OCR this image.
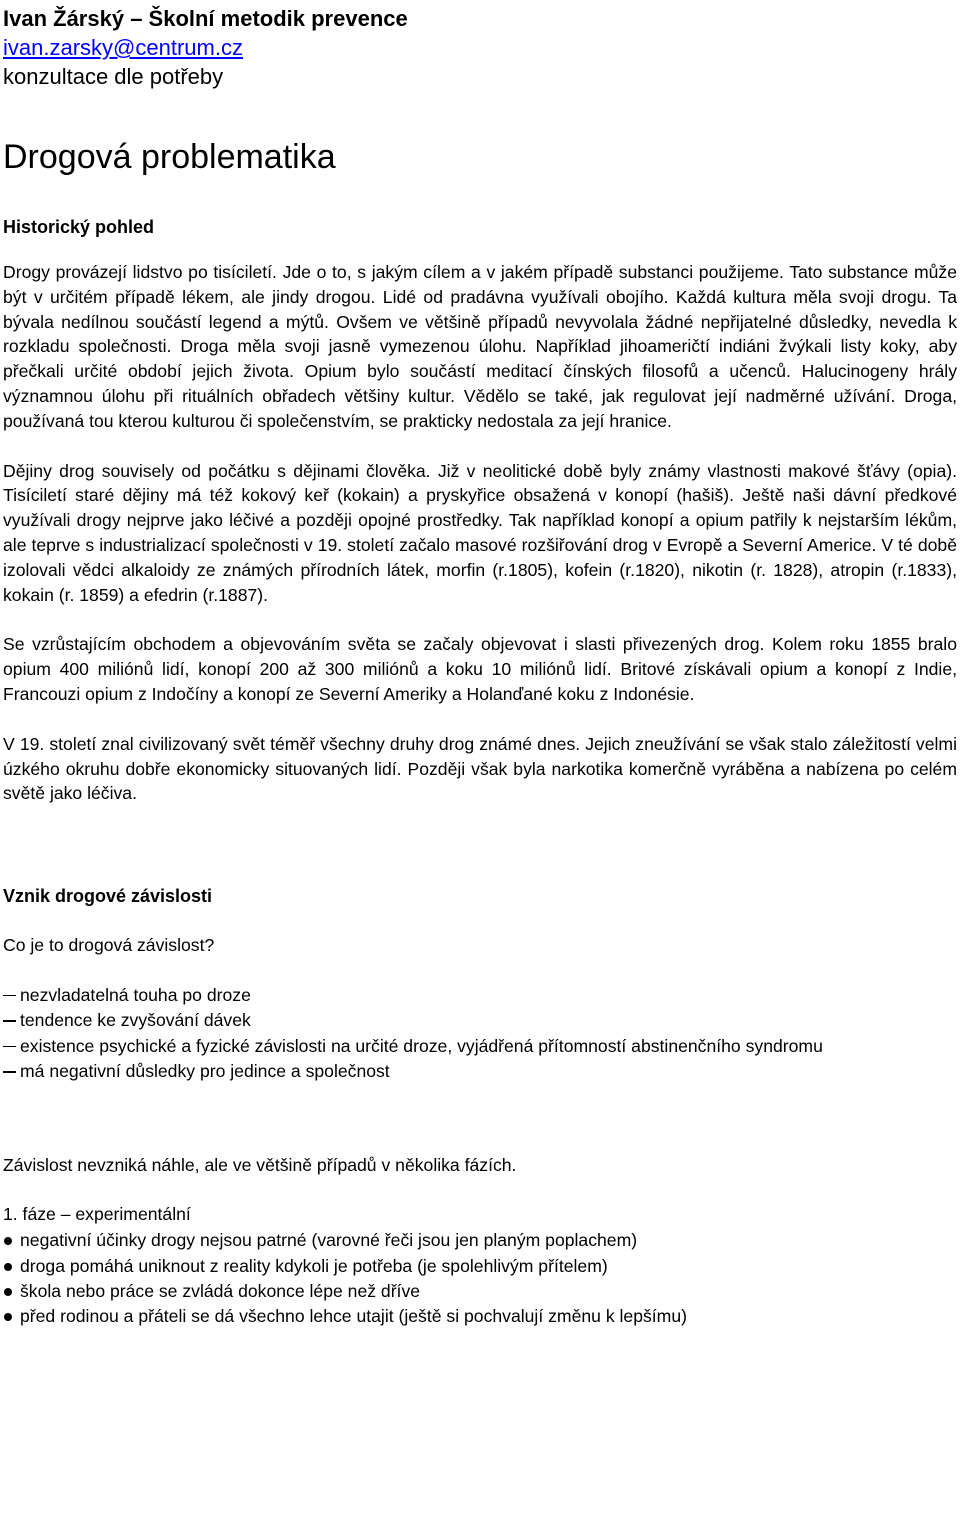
Ivan Žárský – Školní metodik prevence
ivan.zarsky@centrum.cz
konzultace dle potřeby
Drogová problematika
Historický pohled

Drogy provázejí lidstvo po tisíciletí. Jde o to, s jakým cílem a v jakém případě substanci použijeme. Tato substance může být v určitém případě lékem, ale jindy drogou. Lidé od pradávna využívali obojího. Každá kultura měla svoji drogu. Ta bývala nedílnou součástí legend a mýtů. Ovšem ve většině případů nevyvolala žádné nepřijatelné důsledky, nevedla k rozkladu společnosti. Droga měla svoji jasně vymezenou úlohu. Například jihoameričtí indiáni žvýkali listy koky, aby přečkali určité období jejich života. Opium bylo součástí meditací čínských filosofů a učenců. Halucinogeny hrály významnou úlohu při rituálních obřadech většiny kultur. Vědělo se také, jak regulovat její nadměrné užívání. Droga, používaná tou kterou kulturou či společenstvím, se prakticky nedostala za její hranice.

Dějiny drog souvisely od počátku s dějinami člověka. Již v neolitické době byly známy vlastnosti makové šťávy (opia). Tisíciletí staré dějiny má též kokový keř (kokain) a pryskyřice obsažená v konopí (hašiš). Ještě naši dávní předkové využívali drogy nejprve jako léčivé a později opojné prostředky. Tak například konopí a opium patřily k nejstarším lékům, ale teprve s industrializací společnosti v 19. století začalo masové rozšiřování drog v Evropě a Severní Americe. V té době izolovali vědci alkaloidy ze známých přírodních látek, morfin (r.1805), kofein (r.1820), nikotin (r. 1828), atropin (r.1833), kokain (r. 1859) a efedrin (r.1887).

Se vzrůstajícím obchodem a objevováním světa se začaly objevovat i slasti přivezených drog. Kolem roku 1855 bralo opium 400 miliónů lidí, konopí 200 až 300 miliónů a koku 10 miliónů lidí. Britové získávali opium a konopí z Indie, Francouzi opium z Indočíny a konopí ze Severní Ameriky a Holanďané koku z Indonésie.

V 19. století znal civilizovaný svět téměř všechny druhy drog známé dnes. Jejich zneužívání se však stalo záležitostí velmi úzkého okruhu dobře ekonomicky situovaných lidí. Později však byla narkotika komerčně vyráběna a nabízena po celém světě jako léčiva.

Vznik drogové závislosti

Co je to drogová závislost?

nezvladatelná touha po droze
tendence ke zvyšování dávek
existence psychické a fyzické závislosti na určité droze, vyjádřená přítomností abstinenčního syndromu
má negativní důsledky pro jedince a společnost

Závislost nevzniká náhle, ale ve většině případů v několika fázích.

1. fáze – experimentální

negativní účinky drogy nejsou patrné (varovné řeči jsou jen planým poplachem)
droga pomáhá uniknout z reality kdykoli je potřeba (je spolehlivým přítelem)
škola nebo práce se zvládá dokonce lépe než dříve
před rodinou a přáteli se dá všechno lehce utajit (ještě si pochvalují změnu k lepšímu)
